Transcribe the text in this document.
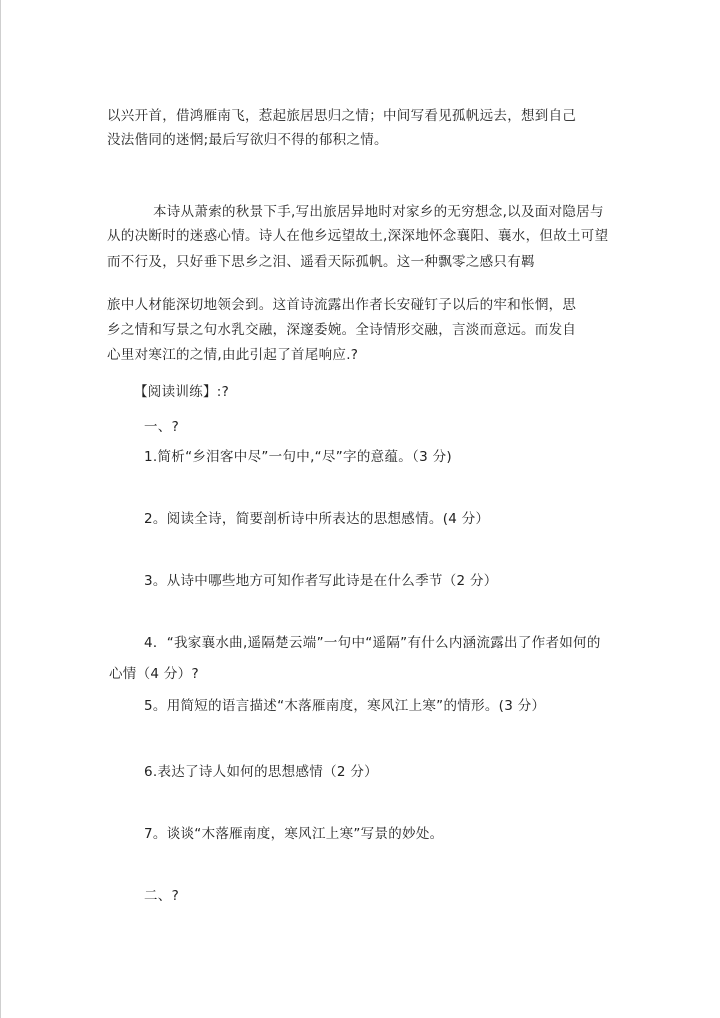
以兴开首，借鸿雁南飞，惹起旅居思归之情；中间写看见孤帆远去，想到自己
没法偕同的迷惘;最后写欲归不得的郁积之情。
本诗从萧索的秋景下手,写出旅居异地时对家乡的无穷想念,以及面对隐居与
从的决断时的迷惑心情。诗人在他乡远望故土,深深地怀念襄阳、襄水，但故土可望
而不行及，只好垂下思乡之泪、遥看天际孤帆。这一种飘零之感只有羁
旅中人材能深切地领会到。这首诗流露出作者长安碰钉子以后的牢和怅惘，思
乡之情和写景之句水乳交融，深邃委婉。全诗情形交融，言淡而意远。而发自
心里对寒江的之情,由此引起了首尾响应.?
【阅读训练】:?
一、?
1.简析“乡泪客中尽”一句中,“尽”字的意蕴。（3 分)
2。阅读全诗，简要剖析诗中所表达的思想感情。(4 分）
3。从诗中哪些地方可知作者写此诗是在什么季节（2 分）
4．“我家襄水曲,遥隔楚云端”一句中“遥隔”有什么内涵流露出了作者如何的
心情（4 分）?
5。用简短的语言描述“木落雁南度，寒风江上寒”的情形。(3 分）
6.表达了诗人如何的思想感情（2 分）
7。谈谈“木落雁南度，寒风江上寒”写景的妙处。
二、?
